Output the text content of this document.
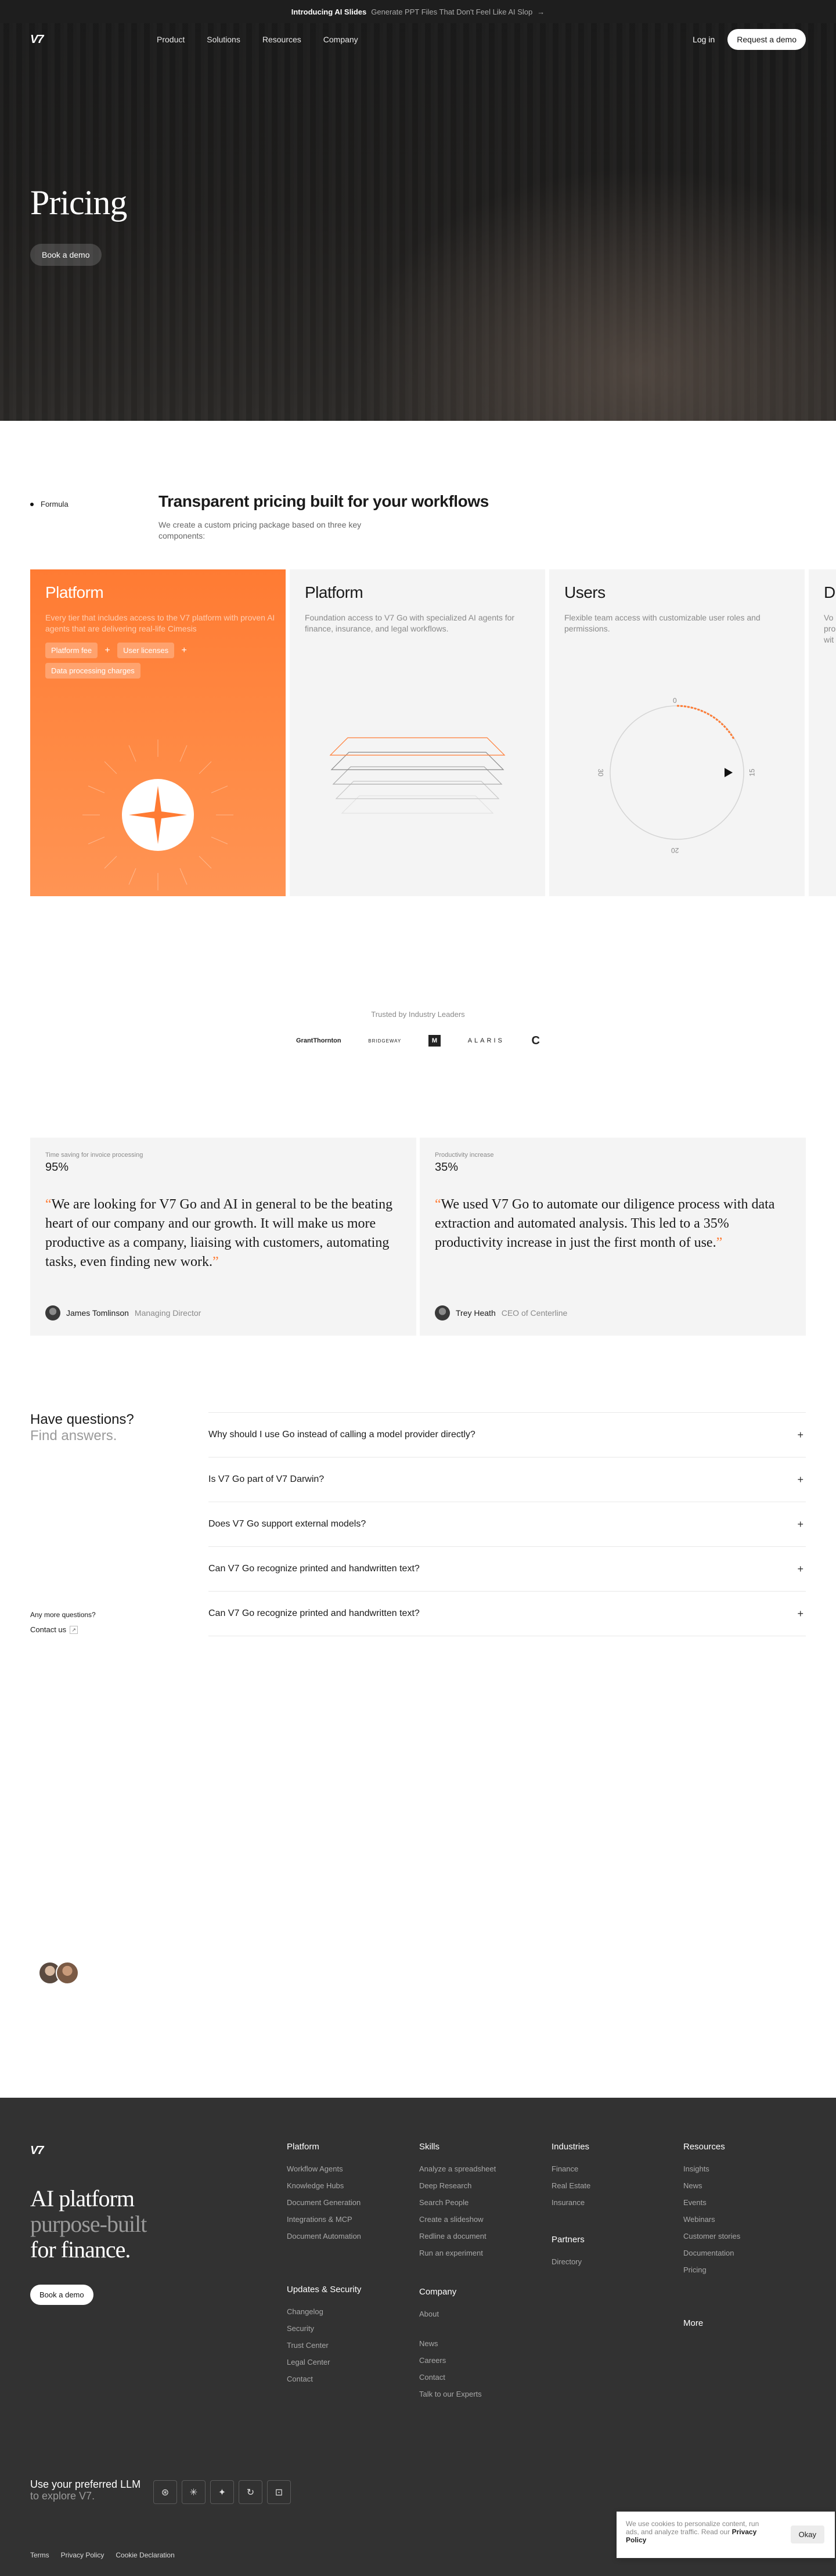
Introducing AI Slides Generate PPT Files That Don't Feel Like AI Slop →
V7	Product	Solutions	Resources	Company	Log in	Request a demo
Pricing
Book a demo
Formula	Transparent pricing built for your workflows

We create a custom pricing package based on three key components:

Platform

Every tier that includes access to the V7 platform with proven AI agents that are delivering real-life Cimesis

Platform fee	+	User licenses	+
Data processing charges
Platform

Foundation access to V7 Go with specialized AI agents for finance, insurance, and legal workflows.

Users

Flexible team access with customizable user roles and permissions.

0
15
20
30
D

Vo pro wit

Trusted by Industry Leaders
GrantThornton	BRIDGEWAY	M	ALARIS C
Time saving for invoice processing
95%
“We are looking for V7 Go and AI in general to be the beating heart of our company and our growth. It will make us more productive as a company, liaising with customers, automating tasks, even finding new work.”
James Tomlinson Managing Director
Productivity increase
35%
“We used V7 Go to automate our diligence process with data extraction and automated analysis. This led to a 35% productivity increase in just the first month of use.”
Trey Heath CEO of Centerline
Have questions?
Find answers.	Why should I use Go instead of calling a model provider directly?	+
Is V7 Go part of V7 Darwin?	+
Does V7 Go support external models?	+
Can V7 Go recognize printed and handwritten text?	+
Can V7 Go recognize printed and handwritten text?	+
Any more questions?
Contact us	↗
V7
AI platform
purpose-built
for finance.
Book a demo
Platform
Workflow Agents
Knowledge Hubs
Document Generation
Integrations & MCP
Document Automation
Updates & Security
Changelog
Security
Trust Center
Legal Center
Contact
Skills
Analyze a spreadsheet
Deep Research
Search People
Create a slideshow
Redline a document
Run an experiment
Company
About
News
Careers
Contact
Talk to our Experts
Industries
Finance
Real Estate
Insurance
Partners
Directory
Resources
Insights
News
Events
Webinars
Customer stories
Documentation
Pricing
More
Use your preferred LLM
to explore V7.	⊛	✳	✦	↻	⊡
Terms Privacy Policy Cookie Declaration

We use cookies to personalize content, run ads, and analyze traffic. Read our Privacy Policy

Okay
